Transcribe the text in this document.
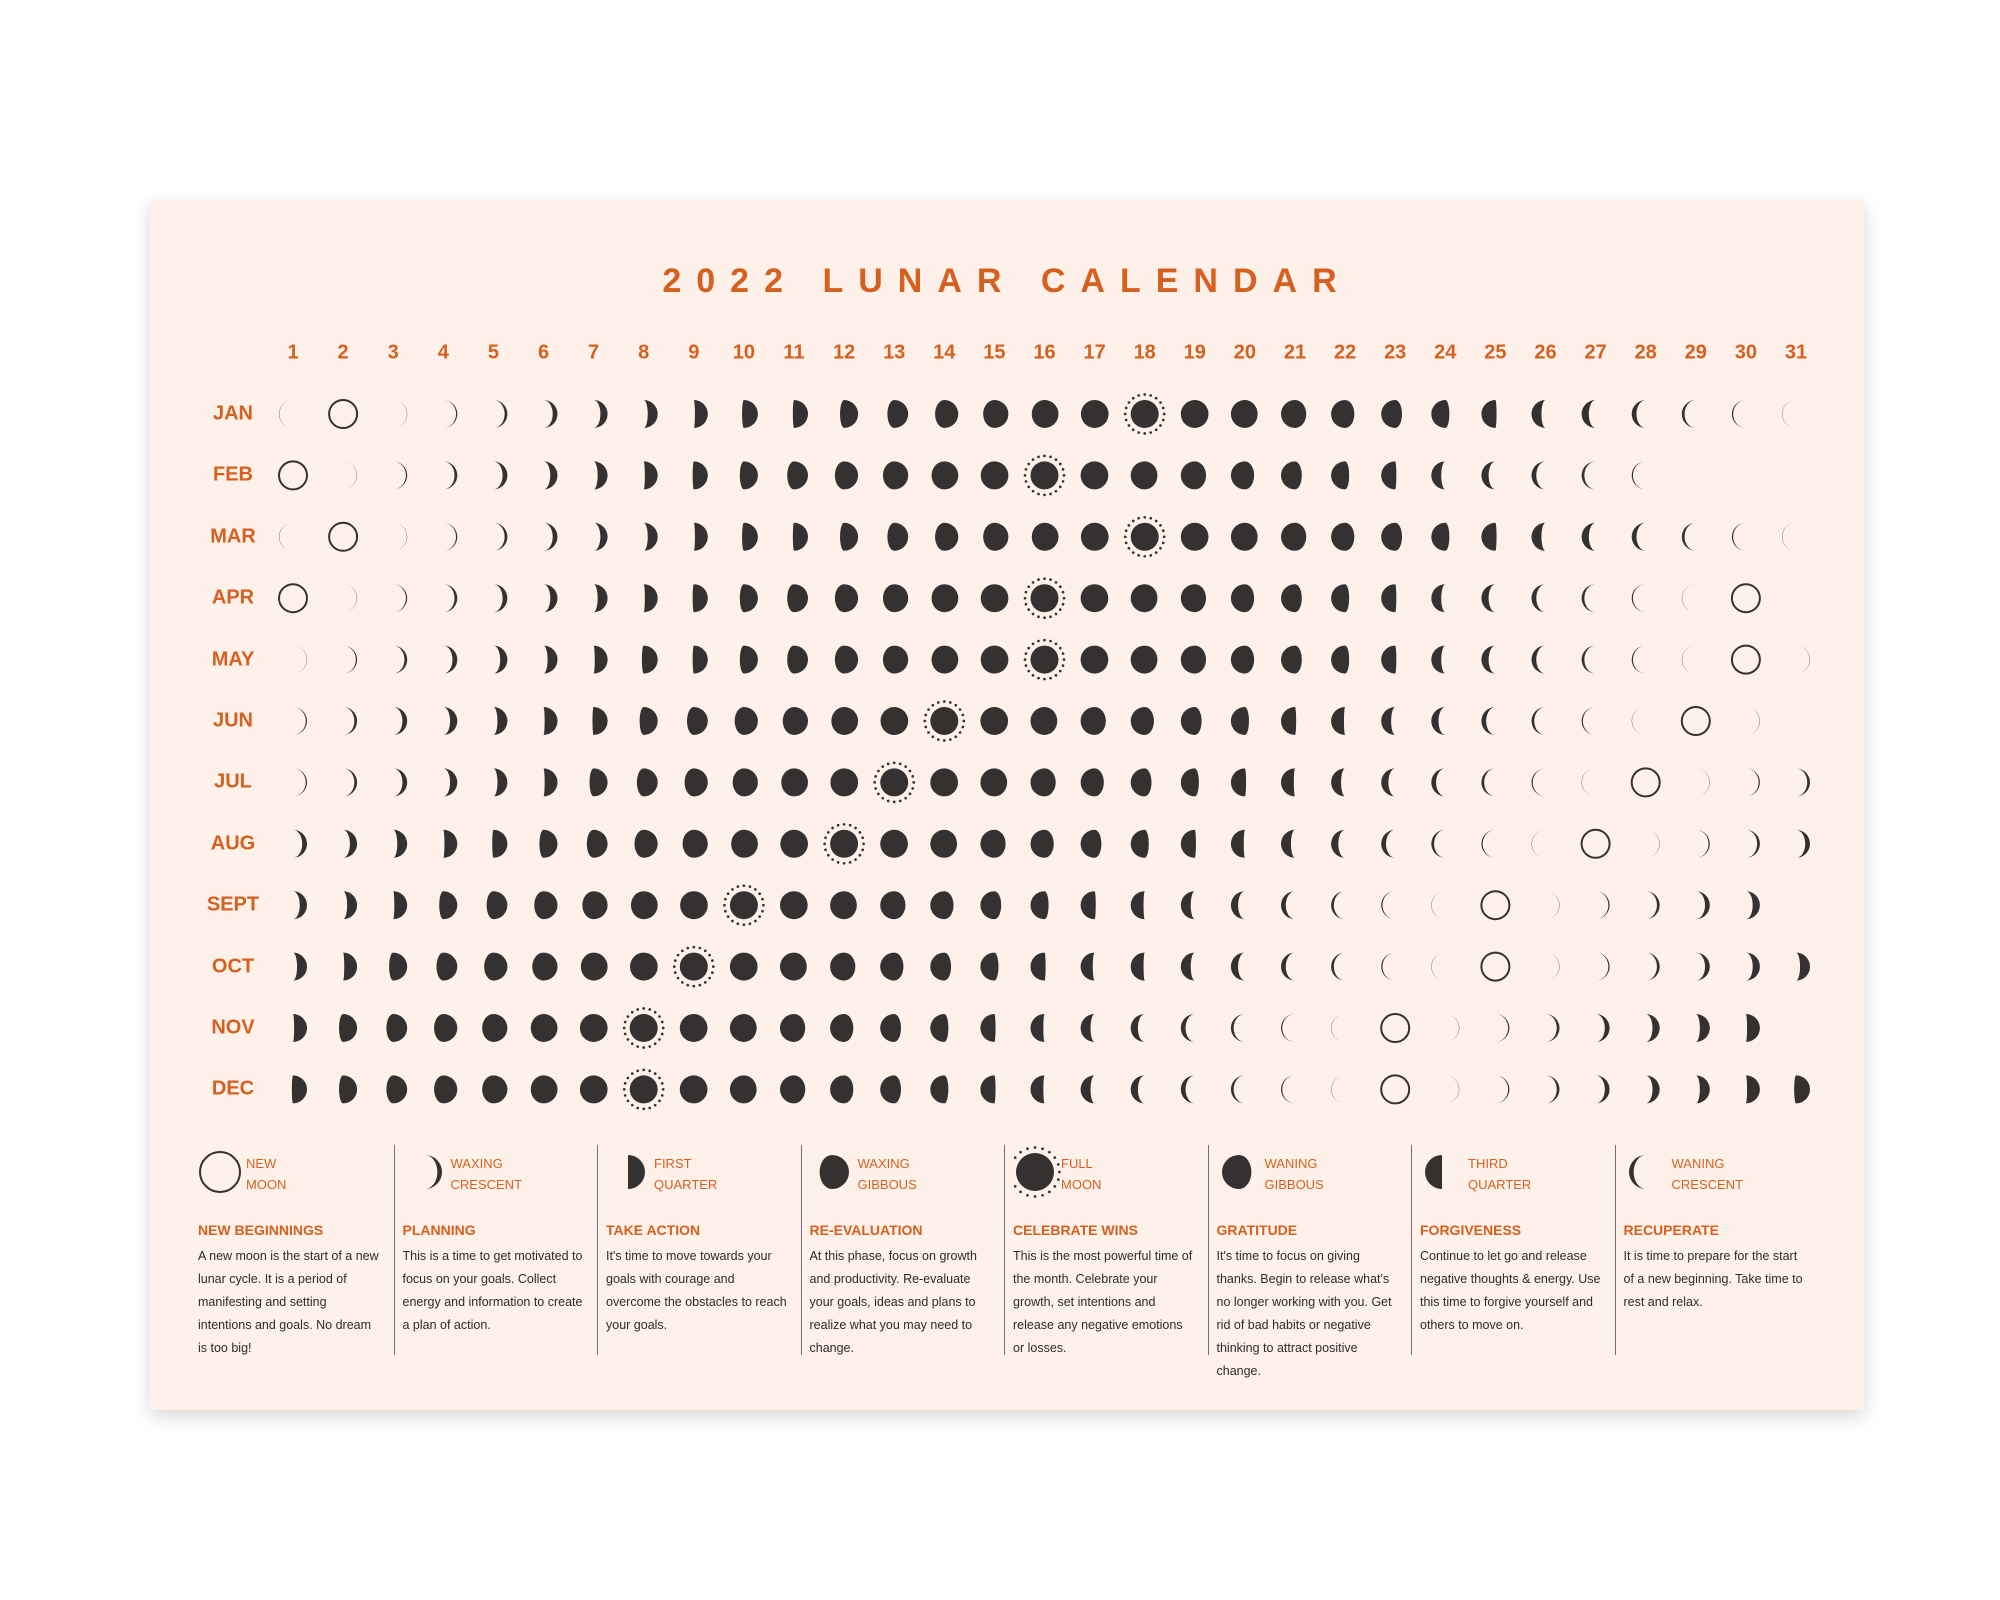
2022 LUNAR CALENDAR
1 2 3 4 5 6 7 8 9 10 11 12 13 14 15 16 17 18 19 20 21 22 23 24 25 26 27 28 29 30 31
JAN
FEB
MAR
APR
MAY
JUN
JUL
AUG
SEPT
OCT
NOV
DEC
NEW
MOON
NEW BEGINNINGS
A new moon is the start of a new lunar cycle. It is a period of manifesting and setting intentions and goals. No dream is too big!
WAXING
CRESCENT
PLANNING
This is a time to get motivated to focus on your goals. Collect energy and information to create a plan of action.
FIRST
QUARTER
TAKE ACTION
It's time to move towards your goals with courage and overcome the obstacles to reach your goals.
WAXING
GIBBOUS
RE-EVALUATION
At this phase, focus on growth and productivity. Re-evaluate your goals, ideas and plans to realize what you may need to change.
FULL
MOON
CELEBRATE WINS
This is the most powerful time of the month. Celebrate your growth, set intentions and release any negative emotions or losses.
WANING
GIBBOUS
GRATITUDE
It's time to focus on giving thanks. Begin to release what's no longer working with you. Get rid of bad habits or negative thinking to attract positive change.
THIRD
QUARTER
FORGIVENESS
Continue to let go and release negative thoughts & energy. Use this time to forgive yourself and others to move on.
WANING
CRESCENT
RECUPERATE
It is time to prepare for the start of a new beginning. Take time to rest and relax.
